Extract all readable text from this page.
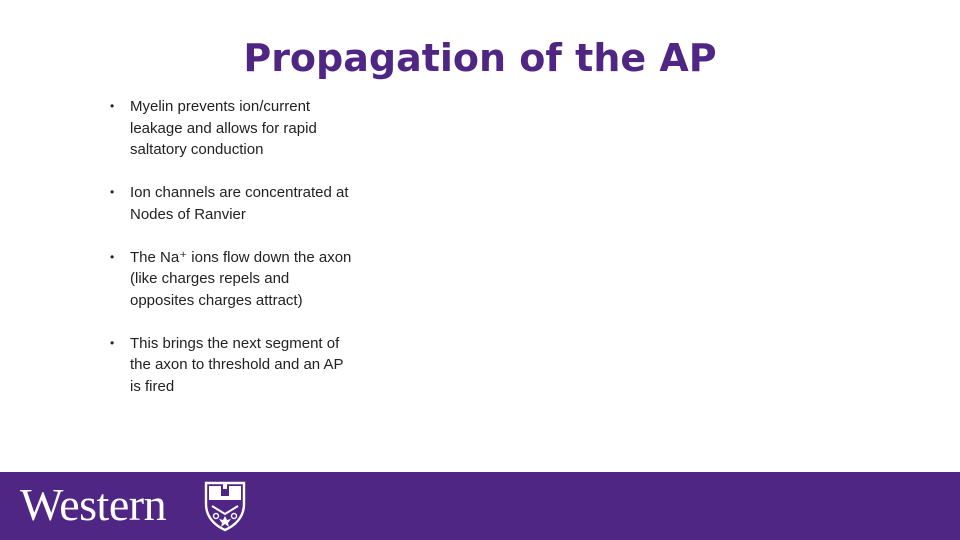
Propagation of the AP
• Myelin prevents ion/current leakage and allows for rapid saltatory conduction
• Ion channels are concentrated at Nodes of Ranvier
• The Na⁺ ions flow down the axon (like charges repels and opposites charges attract)
• This brings the next segment of the axon to threshold and an AP is fired
Western
